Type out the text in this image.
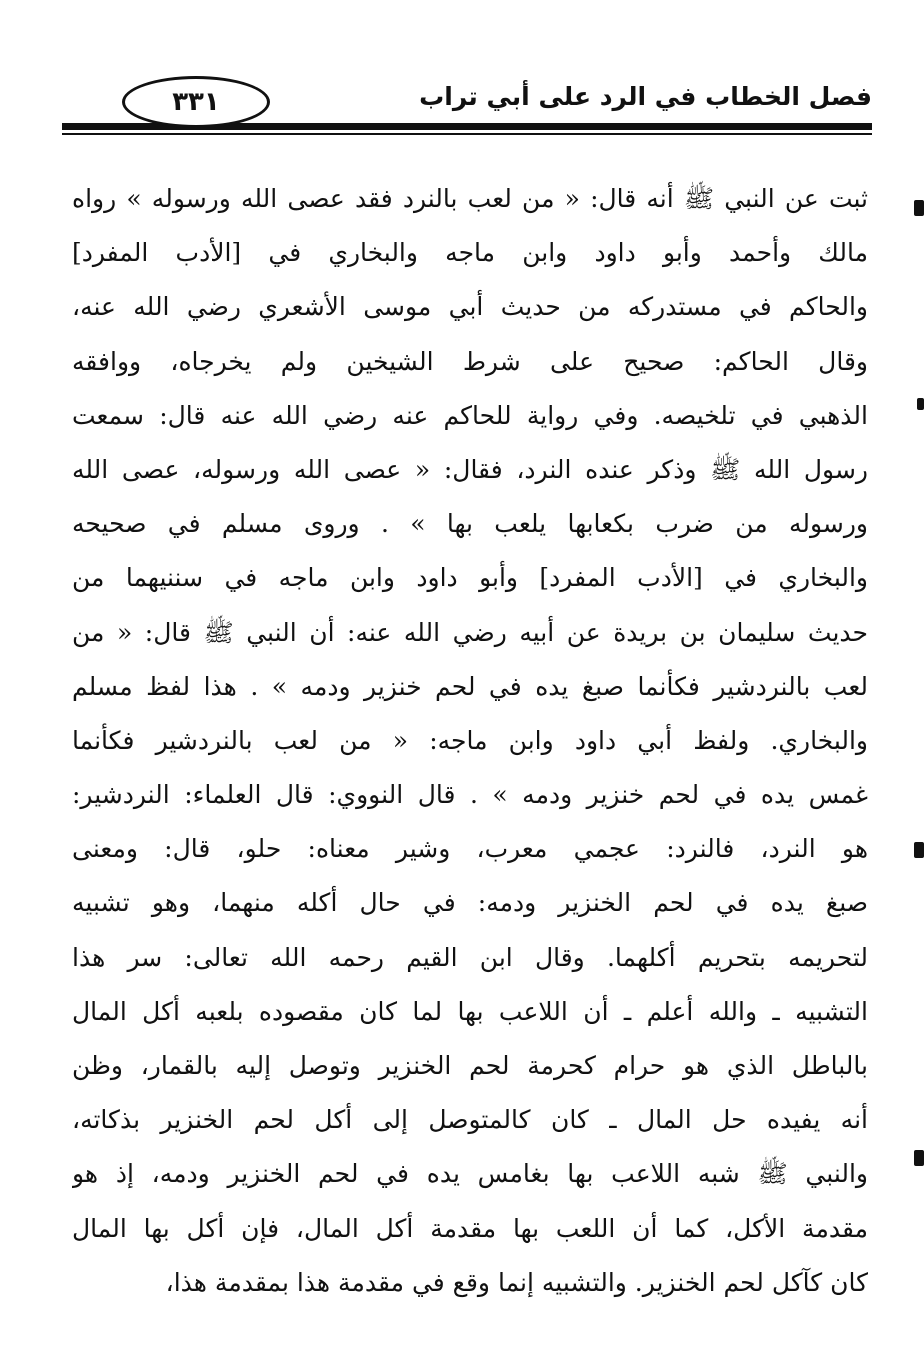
٣٣١	فصل الخطاب في الرد على أبي تراب
ثبت عن النبي ﷺ أنه قال: « من لعب بالنرد فقد عصى الله ورسوله » رواه
مالك وأحمد وأبو داود وابن ماجه والبخاري في [الأدب المفرد]
والحاكم في مستدركه من حديث أبي موسى الأشعري رضي الله عنه،
وقال الحاكم: صحيح على شرط الشيخين ولم يخرجاه، ووافقه
الذهبي في تلخيصه. وفي رواية للحاكم عنه رضي الله عنه قال: سمعت
رسول الله ﷺ وذكر عنده النرد، فقال: « عصى الله ورسوله، عصى الله
ورسوله من ضرب بكعابها يلعب بها » . وروى مسلم في صحيحه
والبخاري في [الأدب المفرد] وأبو داود وابن ماجه في سننيهما من
حديث سليمان بن بريدة عن أبيه رضي الله عنه: أن النبي ﷺ قال: « من
لعب بالنردشير فكأنما صبغ يده في لحم خنزير ودمه » . هذا لفظ مسلم
والبخاري. ولفظ أبي داود وابن ماجه: « من لعب بالنردشير فكأنما
غمس يده في لحم خنزير ودمه » . قال النووي: قال العلماء: النردشير:
هو النرد، فالنرد: عجمي معرب، وشير معناه: حلو، قال: ومعنى
صبغ يده في لحم الخنزير ودمه: في حال أكله منهما، وهو تشبيه
لتحريمه بتحريم أكلهما. وقال ابن القيم رحمه الله تعالى: سر هذا
التشبيه ـ والله أعلم ـ أن اللاعب بها لما كان مقصوده بلعبه أكل المال
بالباطل الذي هو حرام كحرمة لحم الخنزير وتوصل إليه بالقمار، وظن
أنه يفيده حل المال ـ كان كالمتوصل إلى أكل لحم الخنزير بذكاته،
والنبي ﷺ شبه اللاعب بها بغامس يده في لحم الخنزير ودمه، إذ هو
مقدمة الأكل، كما أن اللعب بها مقدمة أكل المال، فإن أكل بها المال
كان كآكل لحم الخنزير. والتشبيه إنما وقع في مقدمة هذا بمقدمة هذا،
